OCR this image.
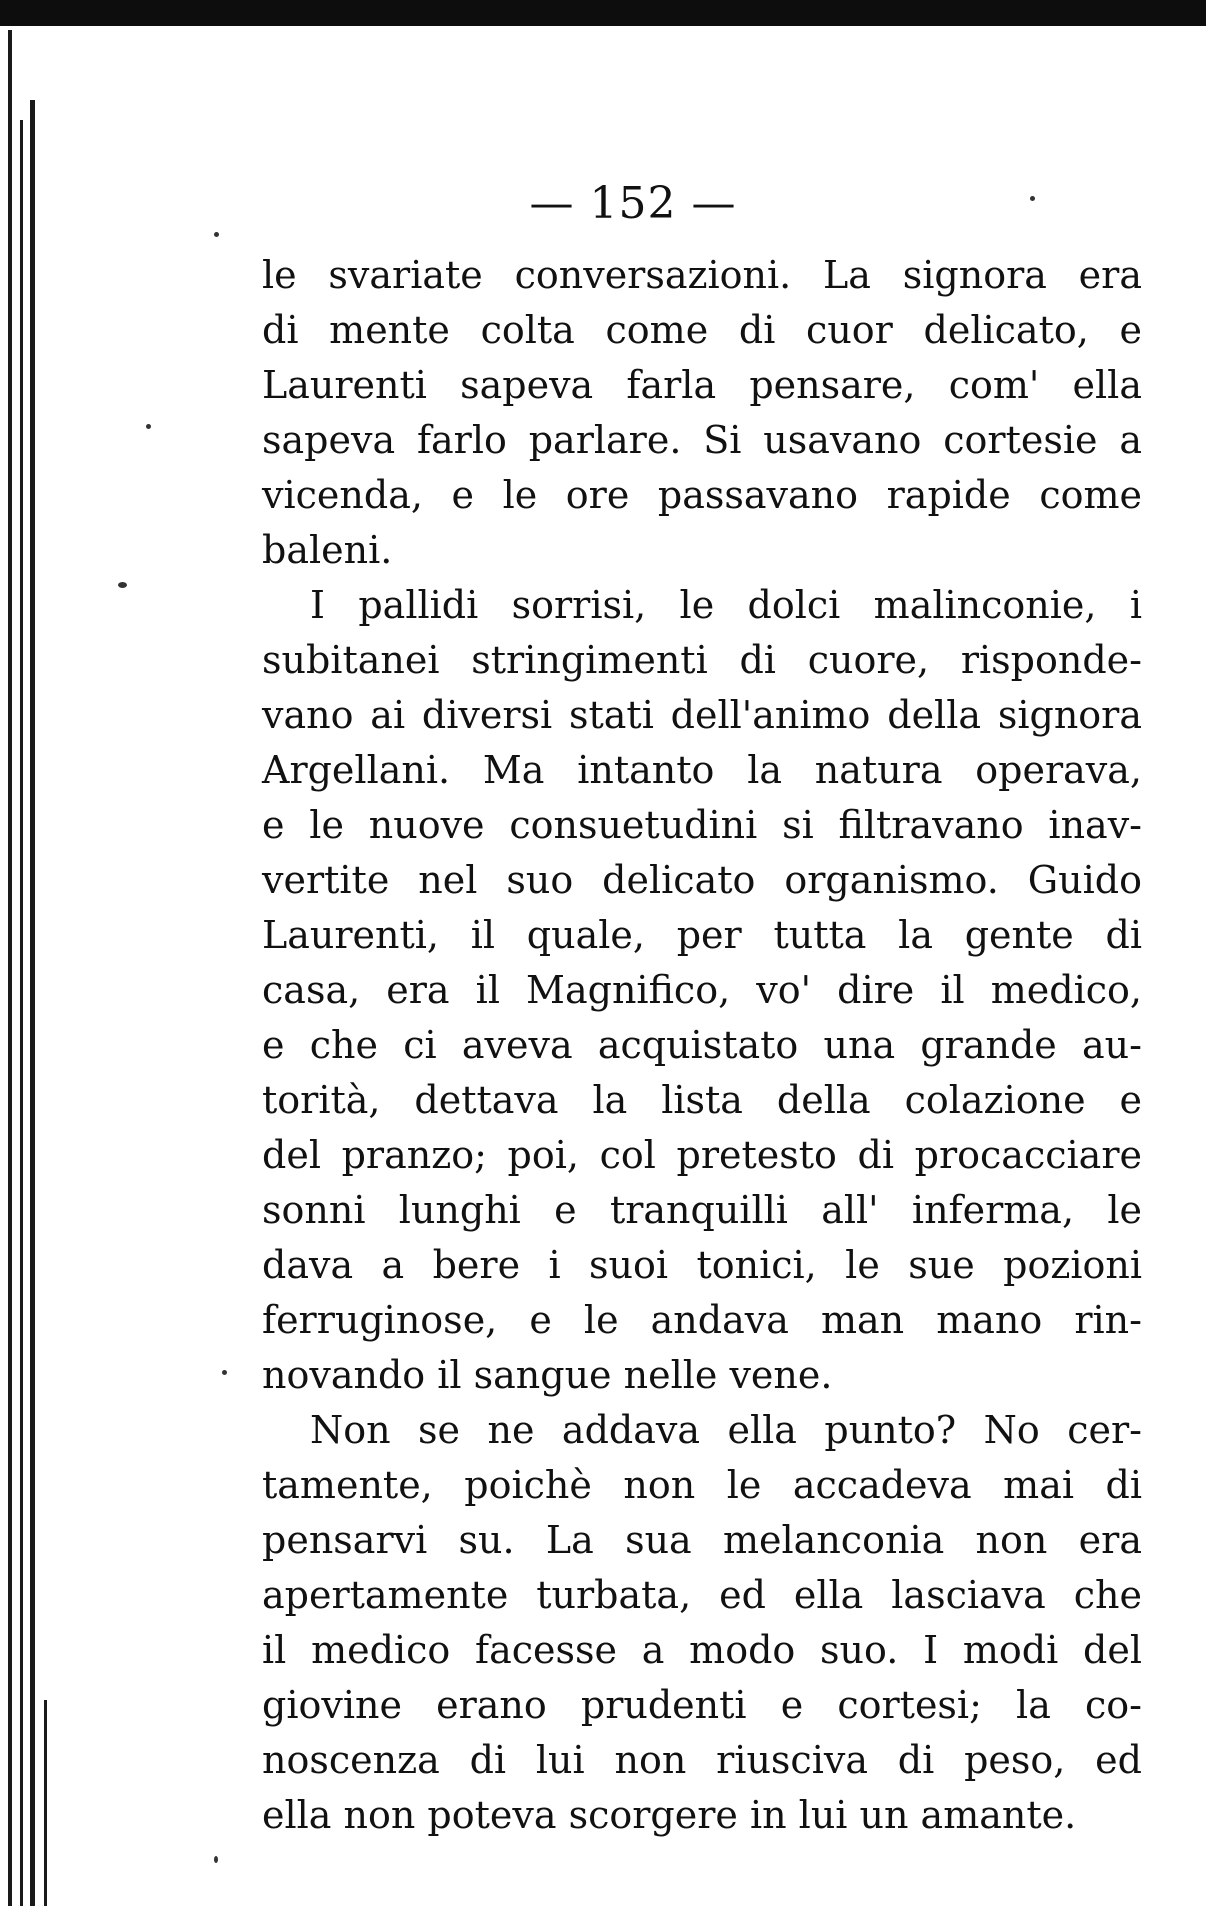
— 152 —
le svariate conversazioni. La signora era
di mente colta come di cuor delicato, e
Laurenti sapeva farla pensare, com' ella
sapeva farlo parlare. Si usavano cortesie a
vicenda, e le ore passavano rapide come
baleni.
I pallidi sorrisi, le dolci malinconie, i
subitanei stringimenti di cuore, risponde-
vano ai diversi stati dell'animo della signora
Argellani. Ma intanto la natura operava,
e le nuove consuetudini si filtravano inav-
vertite nel suo delicato organismo. Guido
Laurenti, il quale, per tutta la gente di
casa, era il Magnifico, vo' dire il medico,
e che ci aveva acquistato una grande au-
torità, dettava la lista della colazione e
del pranzo; poi, col pretesto di procacciare
sonni lunghi e tranquilli all' inferma, le
dava a bere i suoi tonici, le sue pozioni
ferruginose, e le andava man mano rin-
novando il sangue nelle vene.
Non se ne addava ella punto? No cer-
tamente, poichè non le accadeva mai di
pensarvi su. La sua melanconia non era
apertamente turbata, ed ella lasciava che
il medico facesse a modo suo. I modi del
giovine erano prudenti e cortesi; la co-
noscenza di lui non riusciva di peso, ed
ella non poteva scorgere in lui un amante.
